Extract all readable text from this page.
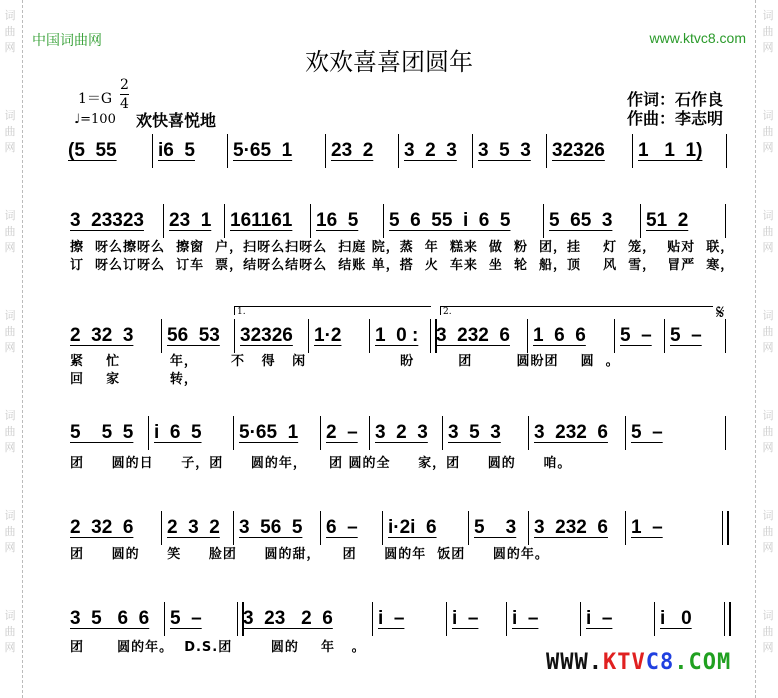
词曲网
词曲网
词曲网
词曲网
词曲网
词曲网
词曲网
词曲网
词曲网
词曲网
词曲网
词曲网
词曲网
词曲网
中国词曲网	www.ktvc8.com
欢欢喜喜团圆年
$1=G \frac{2}{4}$
♩=100 欢快喜悦地
作词：石作良
作曲：李志明
(5  55	i6  5	5·65  1	23  2	3  2  3	3  5  3	32326	1   1  1)
3  23323	23  1 161161	16  5	5  6  55  i  6  5	5  65  3	51  2
擦  呀么擦呀么  擦窗  户，扫呀么扫呀么  扫庭 院，蒸  年  糕来  做  粉  团，挂    灯  笼，  贴对  联，
订  呀么订呀么  订车  票，结呀么结呀么  结账 单，搭  火  车来  坐  轮  船，顶    风  雪，  冒严  寒，
2  32  3	56  53	32326	1·2	1  0 : 3  232  6	1  6  6	5  – 5  –
紧    忙         年，      不   得   闲                 盼        团        圆盼团    圆  。
回    家         转，
5    5  5	i  6  5	5·65  1	2  – 3  2  3	3  5  3	3  232  6	5  –
团     圆的日     子，团     圆的年，    团 圆的全     家，团     圆的     咱。
2  32  6	2  3  2	3  56  5	6  –	i·2i  6	5    3 3  232  6	1  –
团     圆的     笑     脸团     圆的甜，    团     圆的年  饭团     圆的年。
3  5   6  6	5  –	3  23   2  6	i  –	i  –	i  –	i  –	i   0
团      圆的年。  D.S.团       圆的    年   。
1.	2.	𝄋
WWW.KTVC8.COM
